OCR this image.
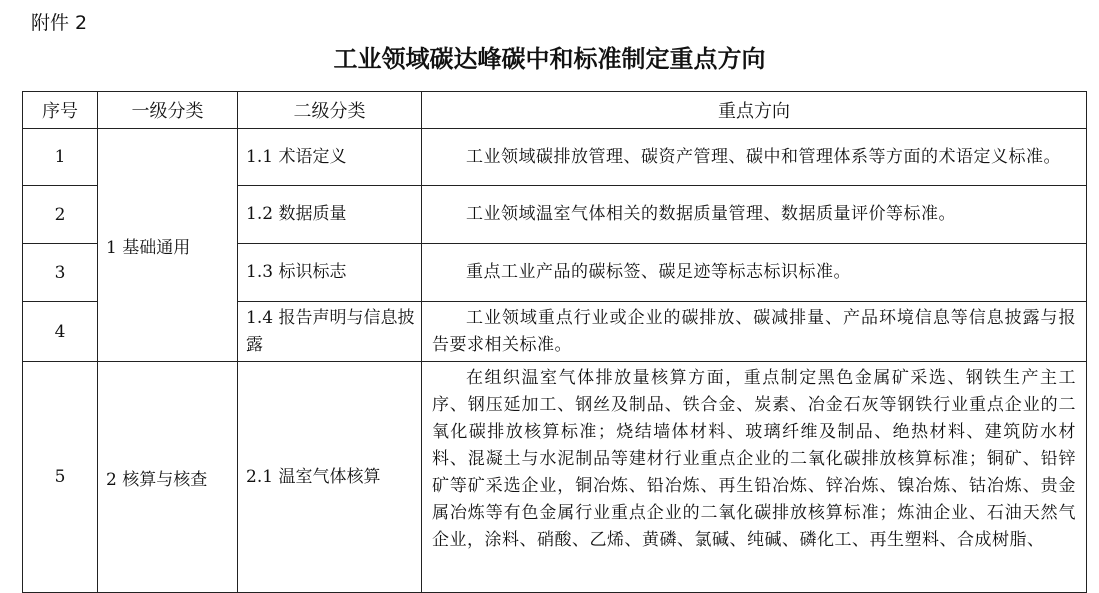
附件 2
工业领域碳达峰碳中和标准制定重点方向
序号	一级分类	二级分类	重点方向
1	1 基础通用	1.1 术语定义	工业领域碳排放管理、碳资产管理、碳中和管理体系等方面的术语定义标准。

2		1.2 数据质量	工业领域温室气体相关的数据质量管理、数据质量评价等标准。

3		1.3 标识标志	重点工业产品的碳标签、碳足迹等标志标识标准。

4		1.4 报告声明与信息披露	工业领域重点行业或企业的碳排放、碳减排量、产品环境信息等信息披露与报告要求相关标准。

5	2 核算与核查	2.1 温室气体核算	在组织温室气体排放量核算方面，重点制定黑色金属矿采选、钢铁生产主工序、钢压延加工、钢丝及制品、铁合金、炭素、冶金石灰等钢铁行业重点企业的二氧化碳排放核算标准；烧结墙体材料、玻璃纤维及制品、绝热材料、建筑防水材料、混凝土与水泥制品等建材行业重点企业的二氧化碳排放核算标准；铜矿、铅锌矿等矿采选企业，铜冶炼、铅冶炼、再生铅冶炼、锌冶炼、镍冶炼、钴冶炼、贵金属冶炼等有色金属行业重点企业的二氧化碳排放核算标准；炼油企业、石油天然气企业，涂料、硝酸、乙烯、黄磷、氯碱、纯碱、磷化工、再生塑料、合成树脂、
